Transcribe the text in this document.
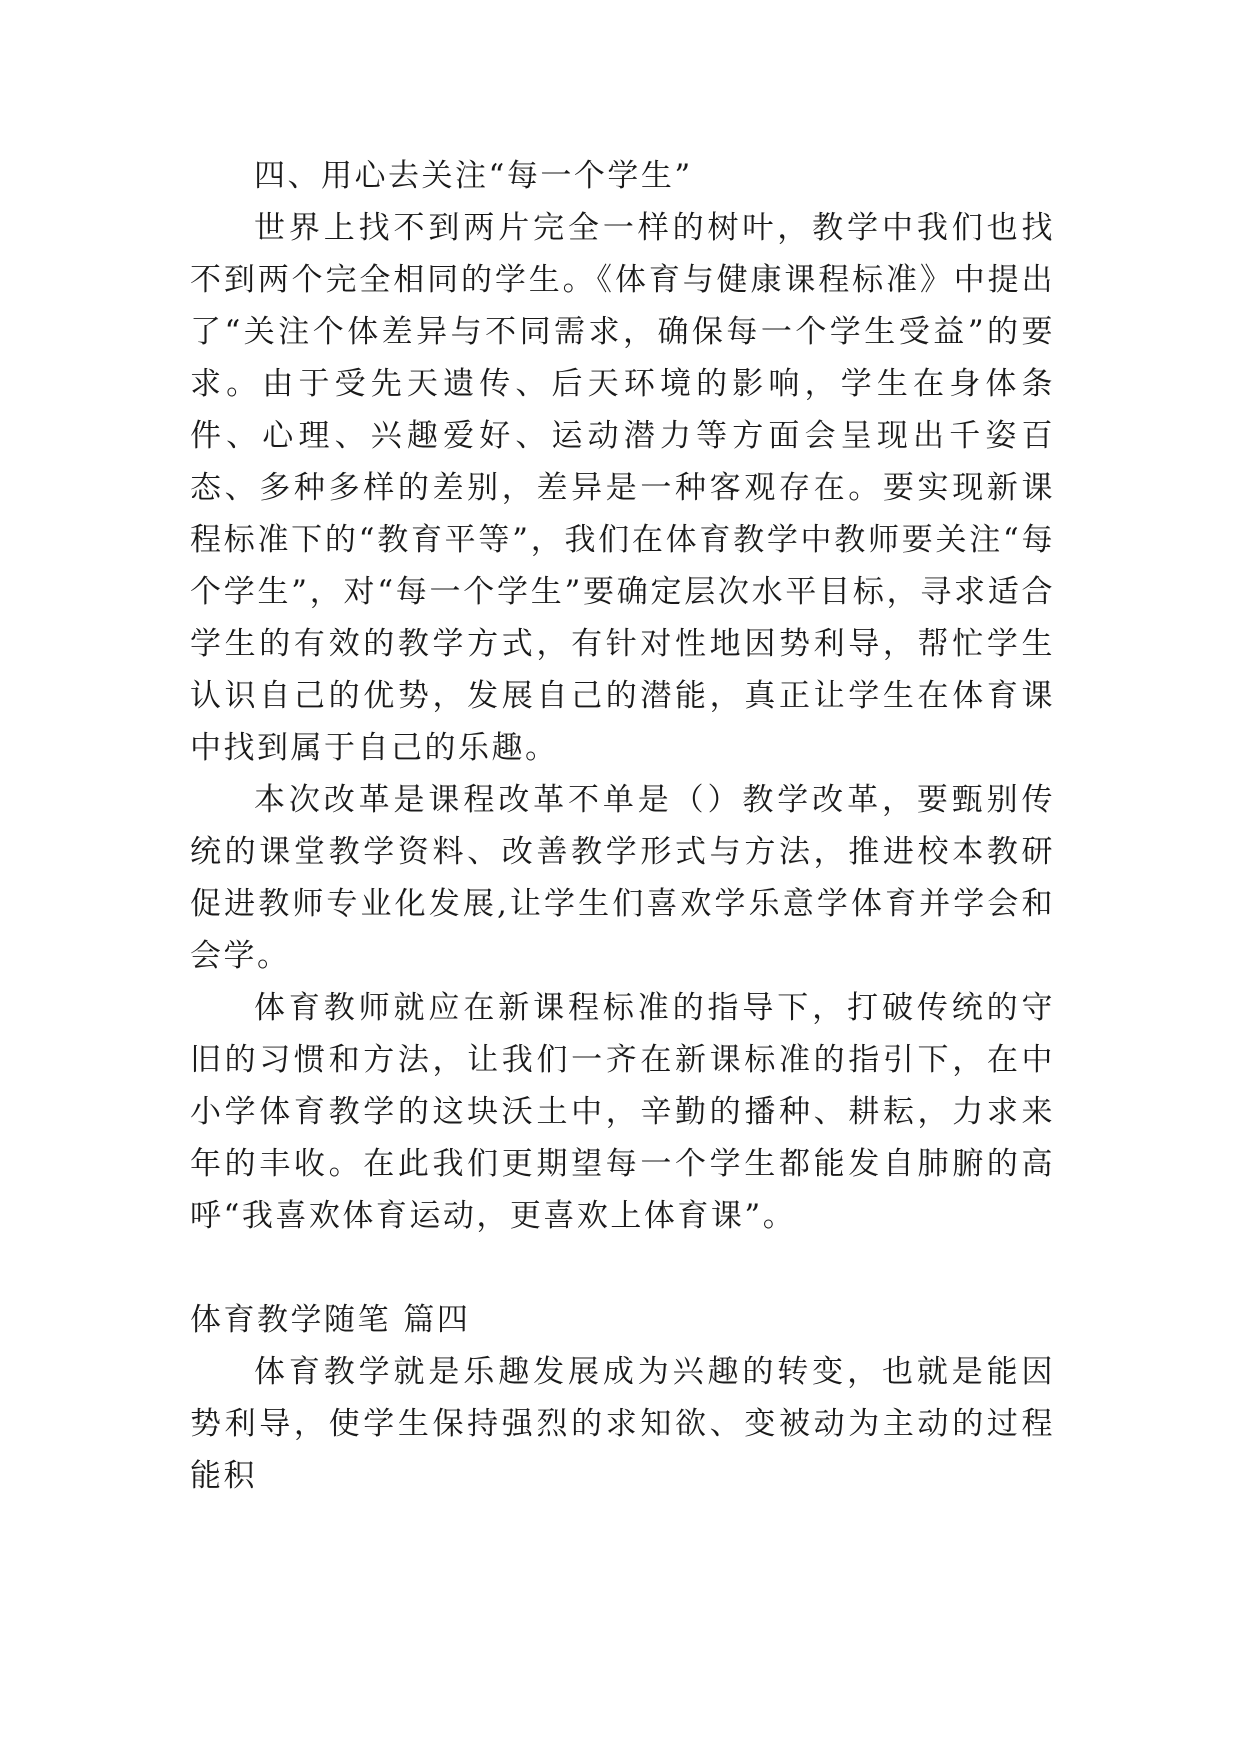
四、用心去关注“每一个学生”

世界上找不到两片完全一样的树叶，教学中我们也找不到两个完全相同的学生。《体育与健康课程标准》中提出了“关注个体差异与不同需求，确保每一个学生受益”的要求。由于受先天遗传、后天环境的影响，学生在身体条件、心理、兴趣爱好、运动潜力等方面会呈现出千姿百态、多种多样的差别，差异是一种客观存在。要实现新课程标准下的“教育平等”，我们在体育教学中教师要关注“每个学生”，对“每一个学生”要确定层次水平目标，寻求适合学生的有效的教学方式，有针对性地因势利导，帮忙学生认识自己的优势，发展自己的潜能，真正让学生在体育课中找到属于自己的乐趣。

本次改革是课程改革不单是（）教学改革，要甄别传统的课堂教学资料、改善教学形式与方法，推进校本教研促进教师专业化发展,让学生们喜欢学乐意学体育并学会和会学。

体育教师就应在新课程标准的指导下，打破传统的守旧的习惯和方法，让我们一齐在新课标准的指引下，在中小学体育教学的这块沃土中，辛勤的播种、耕耘，力求来年的丰收。在此我们更期望每一个学生都能发自肺腑的高呼“我喜欢体育运动，更喜欢上体育课”。

体育教学随笔 篇四

体育教学就是乐趣发展成为兴趣的转变，也就是能因势利导，使学生保持强烈的求知欲、变被动为主动的过程能积
